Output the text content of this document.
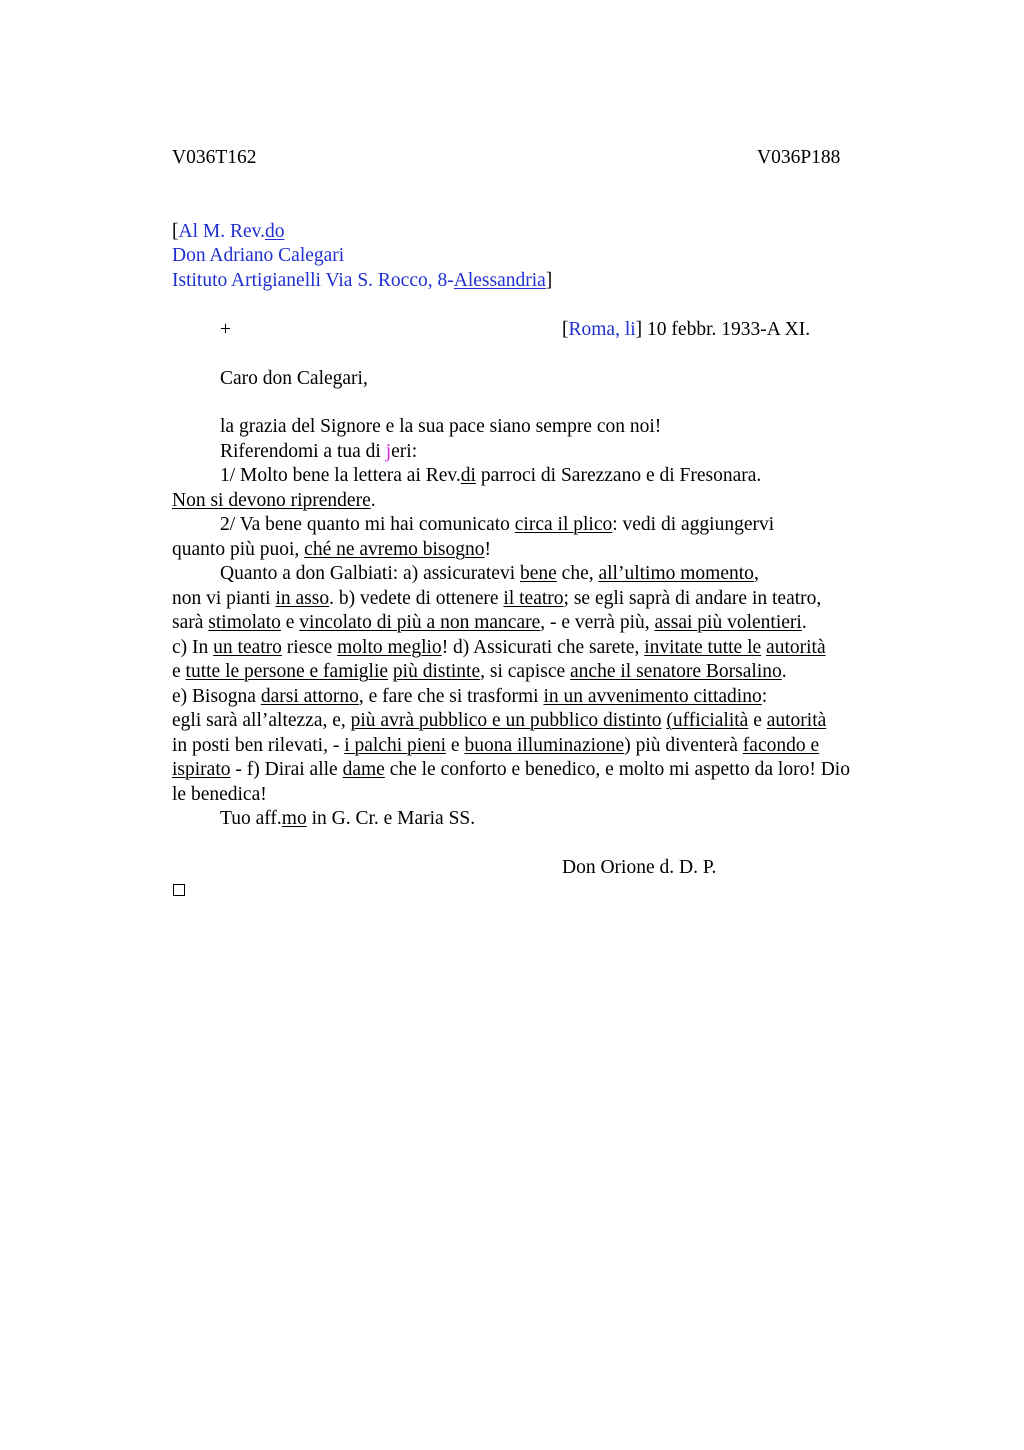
V036T162	V036P188
[Al M. Rev.do
Don Adriano Calegari
Istituto Artigianelli Via S. Rocco, 8-Alessandria]
+	[Roma, li] 10 febbr. 1933-A XI.
Caro don Calegari,
la grazia del Signore e la sua pace siano sempre con noi!
Riferendomi a tua di jeri:
1/ Molto bene la lettera ai Rev.di parroci di Sarezzano e di Fresonara.
Non si devono riprendere.
2/ Va bene quanto mi hai comunicato circa il plico: vedi di aggiungervi
quanto più puoi, ché ne avremo bisogno!
Quanto a don Galbiati: a) assicuratevi bene che, all’ultimo momento,
non vi pianti in asso. b) vedete di ottenere il teatro; se egli saprà di andare in teatro,
sarà stimolato e vincolato di più a non mancare, - e verrà più, assai più volentieri.
c) In un teatro riesce molto meglio! d) Assicurati che sarete, invitate tutte le autorità
e tutte le persone e famiglie più distinte, si capisce anche il senatore Borsalino.
e) Bisogna darsi attorno, e fare che si trasformi in un avvenimento cittadino:
egli sarà all’altezza, e, più avrà pubblico e un pubblico distinto (ufficialità e autorità
in posti ben rilevati, - i palchi pieni e buona illuminazione) più diventerà facondo e
ispirato - f) Dirai alle dame che le conforto e benedico, e molto mi aspetto da loro! Dio
le benedica!
Tuo aff.mo in G. Cr. e Maria SS.
Don Orione d. D. P.
